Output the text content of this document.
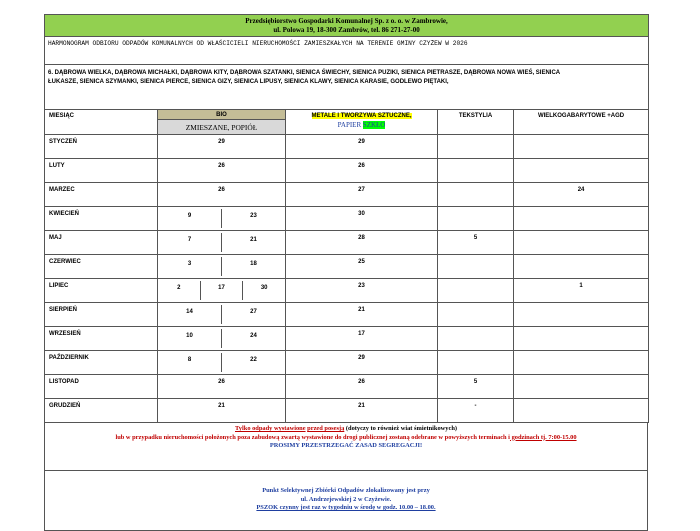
Przedsiębiorstwo Gospodarki Komunalnej Sp. z o. o. w Zambrowie,
ul. Polowa 19, 18-300 Zambrów, tel. 86 271-27-00				

HARMONOGRAM ODBIORU ODPADÓW KOMUNALNYCH OD WŁAŚCICIELI NIERUCHOMOŚCI ZAMIESZKAŁYCH NA TERENIE GMINY CZYŻEW W 2026				

6. DĄBROWA WIELKA, DĄBROWA MICHAŁKI, DĄBROWA KITY, DĄBROWA SZATANKI, SIENICA ŚWIECHY, SIENICA PUZIKI, SIENICA PIETRASZE, DĄBROWA NOWA WIEŚ, SIENICA
ŁUKASZE, SIENICA SZYMANKI, SIENICA PIERCE, SIENICA GIZY, SIENICA LIPUSY, SIENICA KLAWY, SIENICA KARASIE, GODLEWO PIĘTAKI,				

MIESIĄC	BIO	METALE I TWORZYWA SZTUCZNE,
PAPIER SZKŁO	TEKSTYLIA	WIELKOGABARYTOWE +AGD
	ZMIESZANE, POPIÓŁ			
STYCZEŃ	29	29		
LUTY	26	26		
MARZEC	26	27		24
KWIECIEŃ	9 23	30		
MAJ	7 21	28	5	
CZERWIEC	3 18	25		
LIPIEC	2 17 30	23		1
SIERPIEŃ	14 27	21		
WRZESIEŃ	10 24	17		
PAŹDZIERNIK	8 22	29		
LISTOPAD	26	26	5	
GRUDZIEŃ	21	21	-	
Tylko odpady wystawione przed posesją (dotyczy to również wiat śmietnikowych)
lub w przypadku nieruchomości położonych poza zabudową zwartą wystawione do drogi publicznej zostaną odebrane w powyższych terminach i godzinach tj. 7:00-15.00
PROSIMY PRZESTRZEGAĆ ZASAD SEGREGACJI!
Punkt Selektywnej Zbiórki Odpadów zlokalizowany jest przy
ul. Andrzejewskiej 2 w Czyżewie.
PSZOK czynny jest raz w tygodniu w środę w godz. 10.00 – 18.00.
